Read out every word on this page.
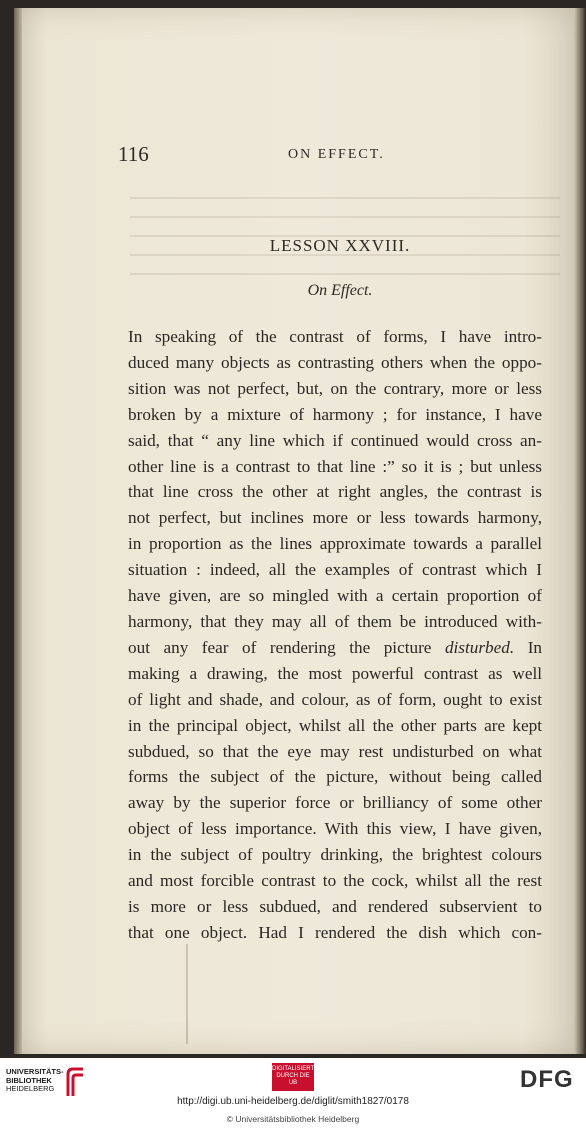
116	ON EFFECT.
LESSON XXVIII.
On Effect.
In speaking of the contrast of forms, I have intro-
duced many objects as contrasting others when the oppo-
sition was not perfect, but, on the contrary, more or less
broken by a mixture of harmony ; for instance, I have
said, that “ any line which if continued would cross an-
other line is a contrast to that line :” so it is ; but unless
that line cross the other at right angles, the contrast is
not perfect, but inclines more or less towards harmony,
in proportion as the lines approximate towards a parallel
situation : indeed, all the examples of contrast which I
have given, are so mingled with a certain proportion of
harmony, that they may all of them be introduced with-
out any fear of rendering the picture disturbed. In
making a drawing, the most powerful contrast as well
of light and shade, and colour, as of form, ought to exist
in the principal object, whilst all the other parts are kept
subdued, so that the eye may rest undisturbed on what
forms the subject of the picture, without being called
away by the superior force or brilliancy of some other
object of less importance. With this view, I have given,
in the subject of poultry drinking, the brightest colours
and most forcible contrast to the cock, whilst all the rest
is more or less subdued, and rendered subservient to
that one object. Had I rendered the dish which con-
UNIVERSITÄTS-
BIBLIOTHEK
HEIDELBERG
DIGITALISIERT
DURCH DIE UB	DFG
http://digi.ub.uni-heidelberg.de/diglit/smith1827/0178
© Universitätsbibliothek Heidelberg
